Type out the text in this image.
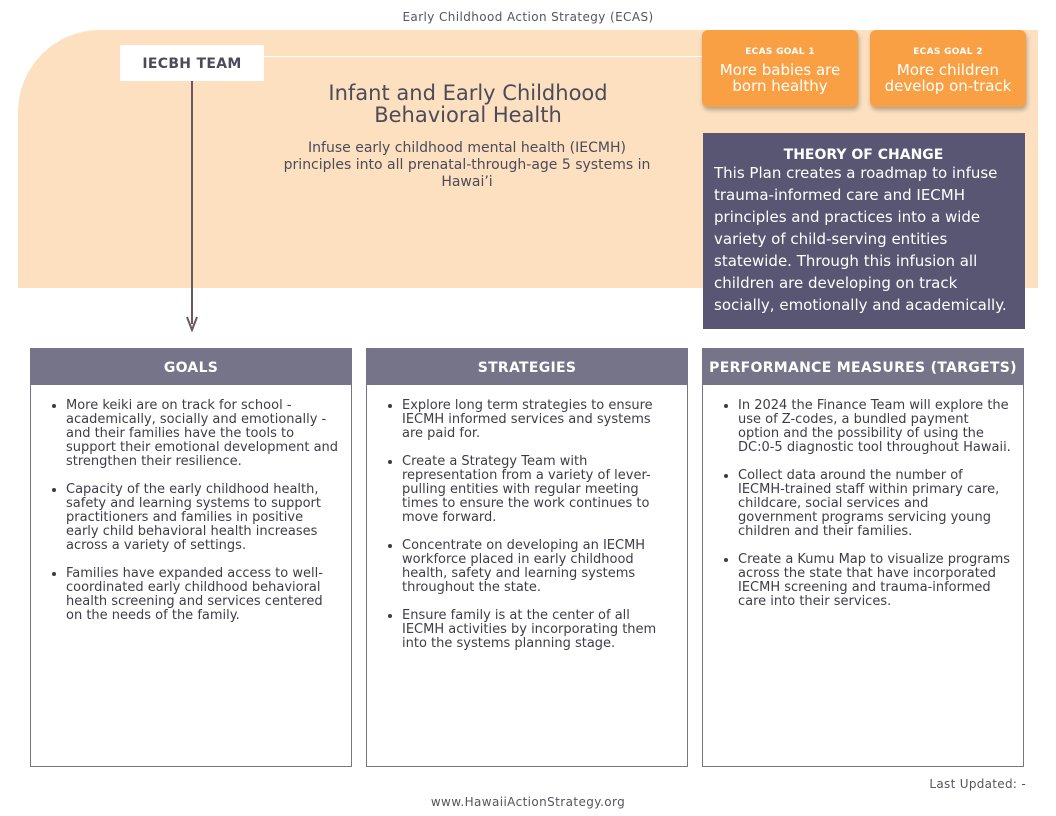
Early Childhood Action Strategy (ECAS)
IECBH TEAM
Infant and Early Childhood Behavioral Health
Infuse early childhood mental health (IECMH) principles into all prenatal-through-age 5 systems in Hawai’i
ECAS GOAL 1
More babies are born healthy
ECAS GOAL 2
More children develop on-track
THEORY OF CHANGE
This Plan creates a roadmap to infuse trauma-informed care and IECMH principles and practices into a wide variety of child-serving entities statewide. Through this infusion all children are developing on track socially, emotionally and academically.
GOALS
• More keiki are on track for school - academically, socially and emotionally - and their families have the tools to support their emotional development and strengthen their resilience.
• Capacity of the early childhood health, safety and learning systems to support practitioners and families in positive early child behavioral health increases across a variety of settings.
• Families have expanded access to well-coordinated early childhood behavioral health screening and services centered on the needs of the family.
STRATEGIES
• Explore long term strategies to ensure IECMH informed services and systems are paid for.
• Create a Strategy Team with representation from a variety of lever-pulling entities with regular meeting times to ensure the work continues to move forward.
• Concentrate on developing an IECMH workforce placed in early childhood health, safety and learning systems throughout the state.
• Ensure family is at the center of all IECMH activities by incorporating them into the systems planning stage.
PERFORMANCE MEASURES (TARGETS)
• In 2024 the Finance Team will explore the use of Z-codes, a bundled payment option and the possibility of using the DC:0-5 diagnostic tool throughout Hawaii.
• Collect data around the number of IECMH-trained staff within primary care, childcare, social services and government programs servicing young children and their families.
• Create a Kumu Map to visualize programs across the state that have incorporated IECMH screening and trauma-informed care into their services.
Last Updated: -
www.HawaiiActionStrategy.org
